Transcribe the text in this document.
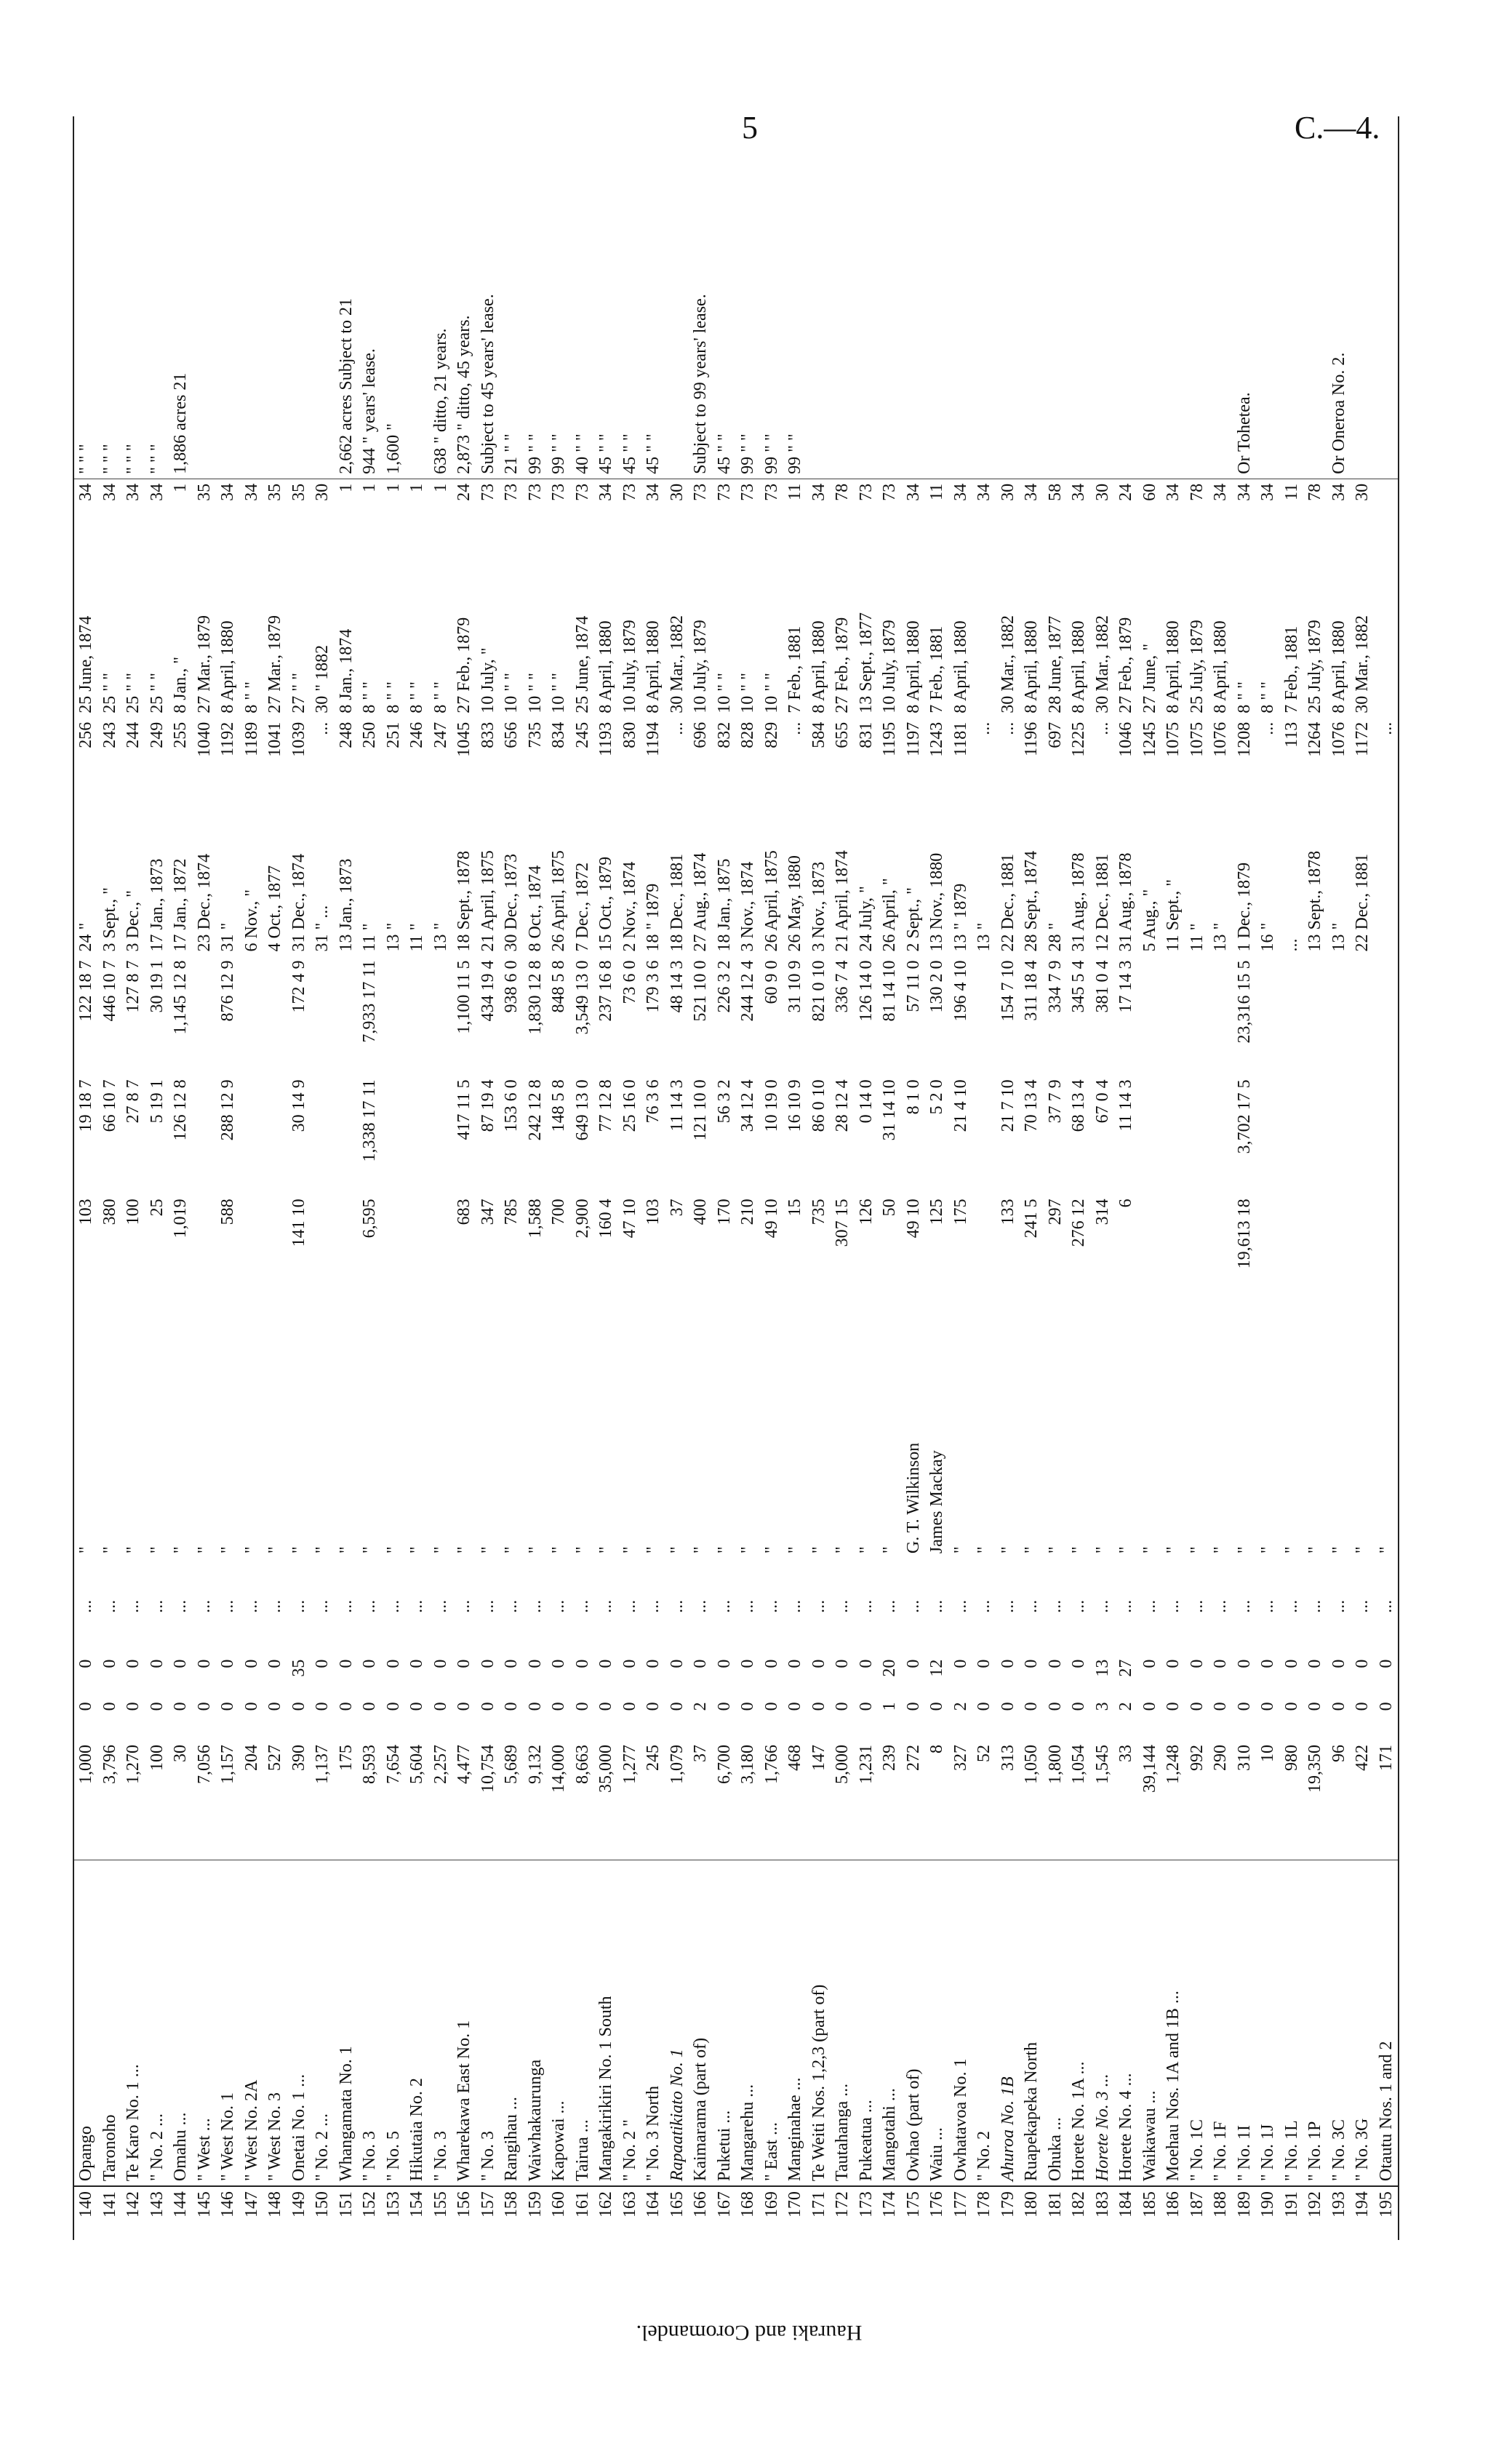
5	C.—4.
Hauraki and Coromandel.
140	Opango	1,000	0	0	...	"	103	19 18 7	122 18 7	24 "	256	25 June, 1874	34	" " "
141	Taronoho	3,796	0	0	...	"	380	66 10 7	446 10 7	3 Sept., "	243	25 " "	34	" " "
142	Te Karo No. 1 ...	1,270	0	0	...	"	100	27 8 7	127 8 7	3 Dec., "	244	25 " "	34	" " "
143	" No. 2 ...	100	0	0	...	"	25	5 19 1	30 19 1	17 Jan., 1873	249	25 " "	34	" " "
144	Omahu ...	30	0	0	...	"	1,019	126 12 8	1,145 12 8	17 Jan., 1872	255	8 Jan., "	1	1,886 acres 21
145	" West ...	7,056	0	0	...	"				23 Dec., 1874	1040	27 Mar., 1879	35	
146	" West No. 1	1,157	0	0	...	"	588	288 12 9	876 12 9	31 "	1192	8 April, 1880	34	
147	" West No. 2A	204	0	0	...	"				6 Nov., "	1189	8 " "	34	
148	" West No. 3	527	0	0	...	"				4 Oct., 1877	1041	27 Mar., 1879	35	
149	Onetai No. 1 ...	390	0	35	...	"	141 10	30 14 9	172 4 9	31 Dec., 1874	1039	27 " "	35	
150	" No. 2 ...	1,137	0	0	...	"				31 " ...	...	30 " 1882	30	
151	Whangamata No. 1	175	0	0	...	"				13 Jan., 1873	248	8 Jan., 1874	1	2,662 acres Subject to 21
152	" No. 3	8,593	0	0	...	"	6,595	1,338 17 11	7,933 17 11	11 "	250	8 " "	1	944 " years' lease.
153	" No. 5	7,654	0	0	...	"				13 "	251	8 " "	1	1,600 "
154	Hikutaia No. 2	5,604	0	0	...	"				11 "	246	8 " "	1	
155	" No. 3	2,257	0	0	...	"				13 "	247	8 " "	1	638 " ditto, 21 years.
156	Wharekawa East No. 1	4,477	0	0	...	"	683	417 11 5	1,100 11 5	18 Sept., 1878	1045	27 Feb., 1879	24	2,873 " ditto, 45 years.
157	" No. 3	10,754	0	0	...	"	347	87 19 4	434 19 4	21 April, 1875	833	10 July, "	73	Subject to 45 years' lease.
158	Rangihau ...	5,689	0	0	...	"	785	153 6 0	938 6 0	30 Dec., 1873	656	10 " "	73	21 " "
159	Waiwhakaurunga	9,132	0	0	...	"	1,588	242 12 8	1,830 12 8	8 Oct., 1874	735	10 " "	73	99 " "
160	Kapowai ...	14,000	0	0	...	"	700	148 5 8	848 5 8	26 April, 1875	834	10 " "	73	99 " "
161	Tairua ...	8,663	0	0	...	"	2,900	649 13 0	3,549 13 0	7 Dec., 1872	245	25 June, 1874	73	40 " "
162	Mangakirikiri No. 1 South	35,000	0	0	...	"	160 4	77 12 8	237 16 8	15 Oct., 1879	1193	8 April, 1880	34	45 " "
163	" No. 2 "	1,277	0	0	...	"	47 10	25 16 0	73 6 0	2 Nov., 1874	830	10 July, 1879	73	45 " "
164	" No. 3 North	245	0	0	...	"	103	76 3 6	179 3 6	18 " 1879	1194	8 April, 1880	34	45 " "
165	Rapaatikiato No. 1	1,079	0	0	...	"	37	11 14 3	48 14 3	18 Dec., 1881	...	30 Mar., 1882	30	
166	Kaimarama (part of)	37	2	0	...	"	400	121 10 0	521 10 0	27 Aug., 1874	696	10 July, 1879	73	Subject to 99 years' lease.
167	Puketui ...	6,700	0	0	...	"	170	56 3 2	226 3 2	18 Jan., 1875	832	10 " "	73	45 " "
168	Mangarehu ...	3,180	0	0	...	"	210	34 12 4	244 12 4	3 Nov., 1874	828	10 " "	73	99 " "
169	" East ...	1,766	0	0	...	"	49 10	10 19 0	60 9 0	26 April, 1875	829	10 " "	73	99 " "
170	Manginahae ...	468	0	0	...	"	15	16 10 9	31 10 9	26 May, 1880	...	7 Feb., 1881	11	99 " "
171	Te Weiti Nos. 1,2,3 (part of)	147	0	0	...	"	735	86 0 10	821 0 10	3 Nov., 1873	584	8 April, 1880	34	
172	Tautahanga ...	5,000	0	0	...	"	307 15	28 12 4	336 7 4	21 April, 1874	655	27 Feb., 1879	78	
173	Pukeatua ...	1,231	0	0	...	"	126	0 14 0	126 14 0	24 July, "	831	13 Sept., 1877	73	
174	Mangotahi ...	239	1	20	...	"	50	31 14 10	81 14 10	26 April, "	1195	10 July, 1879	73	
175	Owhao (part of)	272	0	0	...	G. T. Wilkinson	49 10	8 1 0	57 11 0	2 Sept., "	1197	8 April, 1880	34	
176	Waiu ...	8	0	12	...	James Mackay	125	5 2 0	130 2 0	13 Nov., 1880	1243	7 Feb., 1881	11	
177	Owhatavoa No. 1	327	2	0	...	"	175	21 4 10	196 4 10	13 " 1879	1181	8 April, 1880	34	
178	" No. 2	52	0	0	...	"				13 "	...		34	
179	Ahuroa No. 1B	313	0	0	...	"	133	21 7 10	154 7 10	22 Dec., 1881	...	30 Mar., 1882	30	
180	Ruapekapeka North	1,050	0	0	...	"	241 5	70 13 4	311 18 4	28 Sept., 1874	1196	8 April, 1880	34	
181	Ohuka ...	1,800	0	0	...	"	297	37 7 9	334 7 9	28 "	697	28 June, 1877	58	
182	Horete No. 1A ...	1,054	0	0	...	"	276 12	68 13 4	345 5 4	31 Aug., 1878	1225	8 April, 1880	34	
183	Horete No. 3 ...	1,545	3	13	...	"	314	67 0 4	381 0 4	12 Dec., 1881	...	30 Mar., 1882	30	
184	Horete No. 4 ...	33	2	27	...	"	6	11 14 3	17 14 3	31 Aug., 1878	1046	27 Feb., 1879	24	
185	Waikawau ...	39,144	0	0	...	"				5 Aug., "	1245	27 June, "	60	
186	Moehau Nos. 1A and 1B ...	1,248	0	0	...	"				11 Sept., "	1075	8 April, 1880	34	
187	" No. 1C	992	0	0	...	"				11 "	1075	25 July, 1879	78	
188	" No. 1F	290	0	0	...	"				13 "	1076	8 April, 1880	34	
189	" No. 1I	310	0	0	...	"	19,613 18	3,702 17 5	23,316 15 5	1 Dec., 1879	1208	8 " "	34	Or Tohetea.
190	" No. 1J	10	0	0	...	"				16 "	...	8 " "	34	
191	" No. 1L	980	0	0	...	"				...	113	7 Feb., 1881	11	
192	" No. 1P	19,350	0	0	...	"				13 Sept., 1878	1264	25 July, 1879	78	
193	" No. 3C	96	0	0	...	"				13 "	1076	8 April, 1880	34	Or Oneroa No. 2.
194	" No. 3G	422	0	0	...	"				22 Dec., 1881	1172	30 Mar., 1882	30	
195	Otautu Nos. 1 and 2	171	0	0	...	"					...			
